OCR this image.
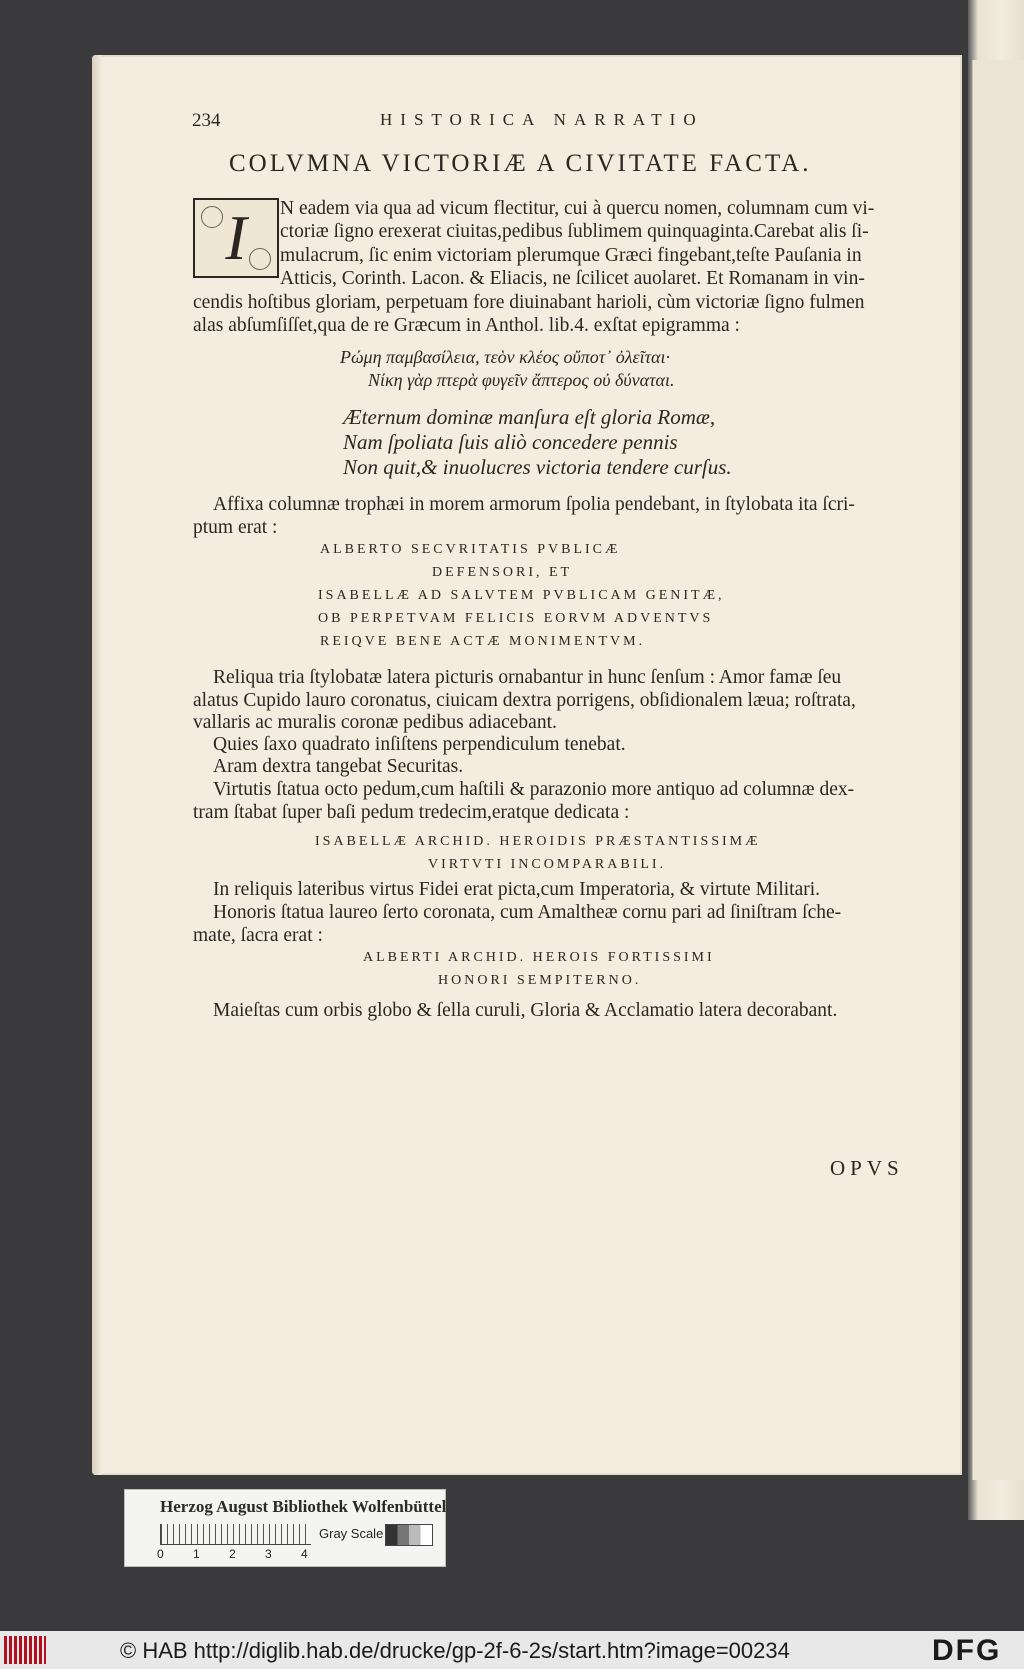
234	HISTORICA NARRATIO
COLVMNA VICTORIÆ A CIVITATE FACTA.
I	N eadem via qua ad vicum flectitur, cui à quercu nomen, columnam cum vi-
ctoriæ ſigno erexerat ciuitas,pedibus ſublimem quinquaginta.Carebat alis ſi-
mulacrum, ſic enim victoriam plerumque Græci fingebant,teſte Pauſania in
Atticis, Corinth. Lacon. & Eliacis, ne ſcilicet auolaret. Et Romanam in vin-
cendis hoſtibus gloriam, perpetuam fore diuinabant harioli, cùm victoriæ ſigno fulmen
alas abſumſiſſet,qua de re Græcum in Anthol. lib.4. exſtat epigramma :
Ρώμη παμβασίλεια, τεὸν κλέος οὔποτ᾽ ὀλεῖται·
Νίκη γὰρ πτερὰ φυγεῖν ἄπτερος οὐ δύναται.
Æternum dominæ manſura eſt gloria Romæ,
Nam ſpoliata ſuis aliò concedere pennis
Non quit,& inuolucres victoria tendere curſus.
Affixa columnæ trophæi in morem armorum ſpolia pendebant, in ſtylobata ita ſcri-
ptum erat :
ALBERTO SECVRITATIS PVBLICÆ
DEFENSORI, ET
ISABELLÆ AD SALVTEM PVBLICAM GENITÆ,
OB PERPETVAM FELICIS EORVM ADVENTVS
REIQVE BENE ACTÆ MONIMENTVM.
Reliqua tria ſtylobatæ latera picturis ornabantur in hunc ſenſum : Amor famæ ſeu
alatus Cupido lauro coronatus, ciuicam dextra porrigens, obſidionalem læua; roſtrata,
vallaris ac muralis coronæ pedibus adiacebant.
Quies ſaxo quadrato inſiſtens perpendiculum tenebat.
Aram dextra tangebat Securitas.
Virtutis ſtatua octo pedum,cum haſtili & parazonio more antiquo ad columnæ dex-
tram ſtabat ſuper baſi pedum tredecim,eratque dedicata :
ISABELLÆ ARCHID. HEROIDIS PRÆSTANTISSIMÆ
VIRTVTI INCOMPARABILI.
In reliquis lateribus virtus Fidei erat picta,cum Imperatoria, & virtute Militari.
Honoris ſtatua laureo ſerto coronata, cum Amaltheæ cornu pari ad ſiniſtram ſche-
mate, ſacra erat :
ALBERTI ARCHID. HEROIS FORTISSIMI
HONORI SEMPITERNO.
Maieſtas cum orbis globo & ſella curuli, Gloria & Acclamatio latera decorabant.
OPVS
Herzog August Bibliothek Wolfenbüttel
Gray Scale
0 1 2 3 4
© HAB http://diglib.hab.de/drucke/gp-2f-6-2s/start.htm?image=00234	DFG
